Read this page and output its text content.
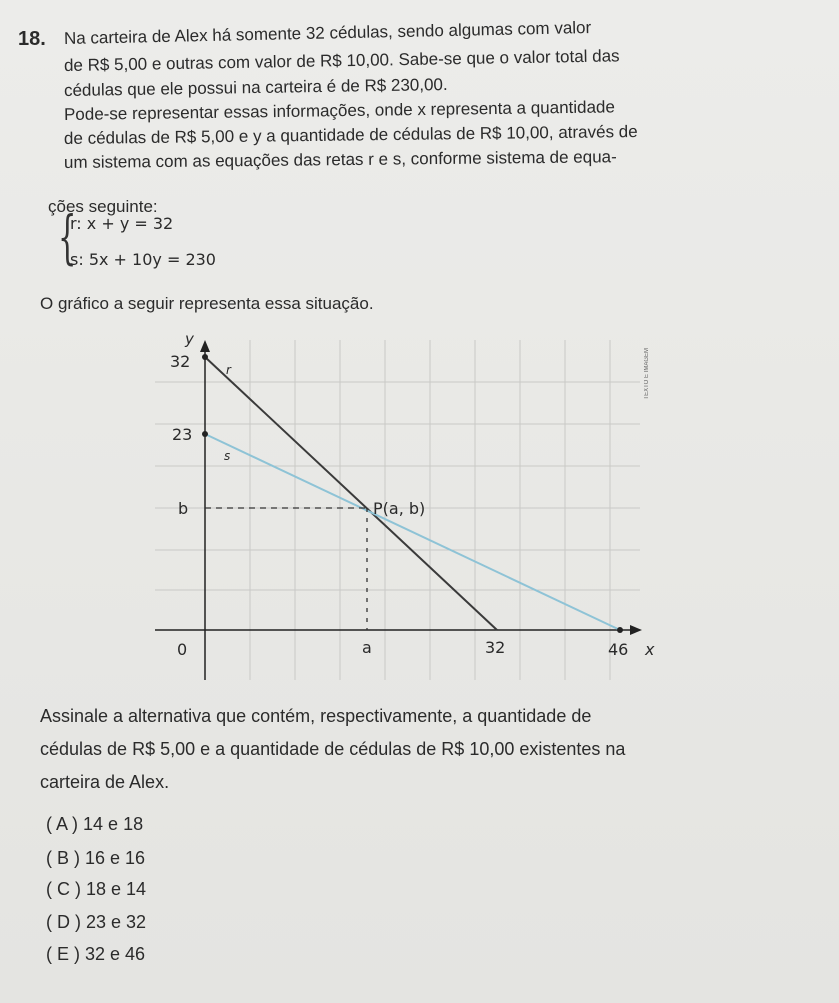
18. Na carteira de Alex há somente 32 cédulas, sendo algumas com valor
de R$ 5,00 e outras com valor de R$ 10,00. Sabe-se que o valor total das
cédulas que ele possui na carteira é de R$ 230,00.
Pode-se representar essas informações, onde x representa a quantidade
de cédulas de R$ 5,00 e y a quantidade de cédulas de R$ 10,00, através de
um sistema com as equações das retas r e s, conforme sistema de equa-
ções seguinte:
{
r: x + y = 32
s: 5x + 10y = 230
O gráfico a seguir representa essa situação.
TEXTO E IMAGEM
y
32
23
b
0	a	32	46 x
r
s
P(a, b)
Assinale a alternativa que contém, respectivamente, a quantidade de
cédulas de R$ 5,00 e a quantidade de cédulas de R$ 10,00 existentes na
carteira de Alex.
( A ) 14 e 18
( B ) 16 e 16
( C ) 18 e 14
( D ) 23 e 32
( E ) 32 e 46
